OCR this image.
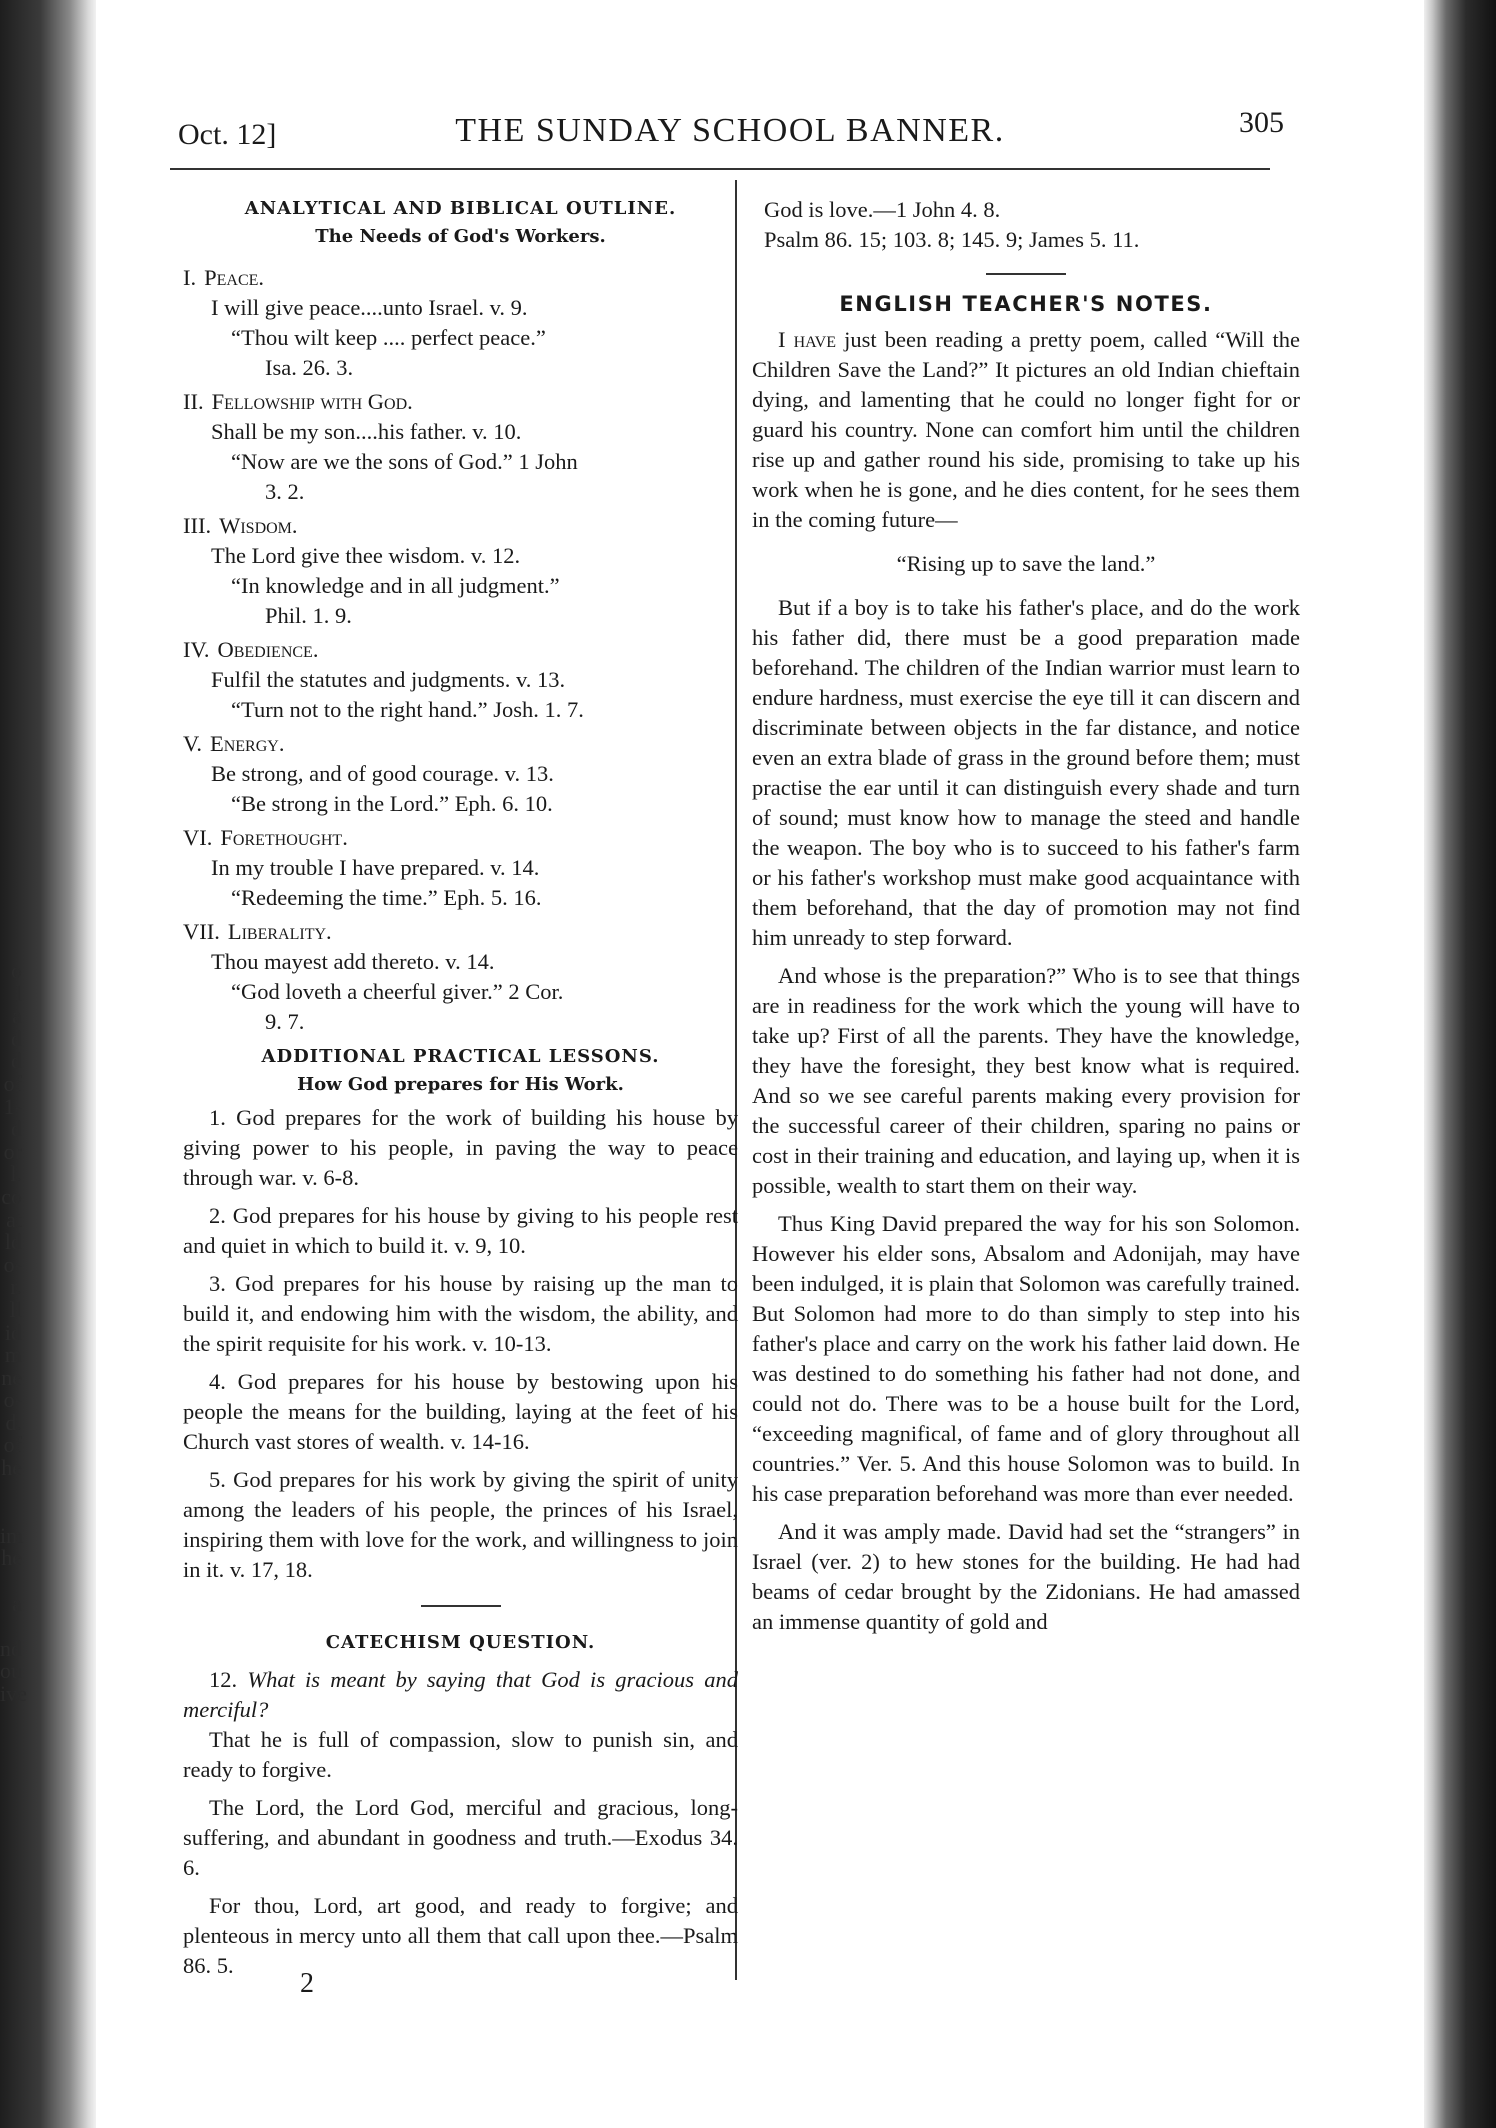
o
l
a
d
d
of
1-
d
or
l.
co
at
ld
o-
r.
ll
id
m
ne
o-
d.
of
he
im
he
a
nd
ou
ive
Oct. 12]	THE SUNDAY SCHOOL BANNER.	305
ANALYTICAL AND BIBLICAL OUTLINE.
The Needs of God's Workers.
I. Peace.
I will give peace....unto Israel. v. 9.
“Thou wilt keep .... perfect peace.”
Isa. 26. 3.
II. Fellowship with God.
Shall be my son....his father. v. 10.
“Now are we the sons of God.” 1 John
3. 2.
III. Wisdom.
The Lord give thee wisdom. v. 12.
“In knowledge and in all judgment.”
Phil. 1. 9.
IV. Obedience.
Fulfil the statutes and judgments. v. 13.
“Turn not to the right hand.” Josh. 1. 7.
V. Energy.
Be strong, and of good courage. v. 13.
“Be strong in the Lord.” Eph. 6. 10.
VI. Forethought.
In my trouble I have prepared. v. 14.
“Redeeming the time.” Eph. 5. 16.
VII. Liberality.
Thou mayest add thereto. v. 14.
“God loveth a cheerful giver.” 2 Cor.
9. 7.
ADDITIONAL PRACTICAL LESSONS.
How God prepares for His Work.
1. God prepares for the work of building his house by giving power to his people, in paving the way to peace through war. v. 6-8.
2. God prepares for his house by giving to his people rest and quiet in which to build it. v. 9, 10.
3. God prepares for his house by raising up the man to build it, and endowing him with the wisdom, the ability, and the spirit requisite for his work. v. 10-13.
4. God prepares for his house by bestowing upon his people the means for the building, laying at the feet of his Church vast stores of wealth. v. 14-16.
5. God prepares for his work by giving the spirit of unity among the leaders of his people, the princes of his Israel, inspiring them with love for the work, and willingness to join in it. v. 17, 18.
CATECHISM QUESTION.
12. What is meant by saying that God is gracious and merciful?
That he is full of compassion, slow to punish sin, and ready to forgive.
The Lord, the Lord God, merciful and gracious, long-suffering, and abundant in goodness and truth.—Exodus 34. 6.
For thou, Lord, art good, and ready to forgive; and plenteous in mercy unto all them that call upon thee.—Psalm 86. 5.
2
God is love.—1 John 4. 8.
Psalm 86. 15; 103. 8; 145. 9; James 5. 11.
ENGLISH TEACHER'S NOTES.
I have just been reading a pretty poem, called “Will the Children Save the Land?” It pictures an old Indian chieftain dying, and lamenting that he could no longer fight for or guard his country. None can comfort him until the children rise up and gather round his side, promising to take up his work when he is gone, and he dies content, for he sees them in the coming future—
“Rising up to save the land.”
But if a boy is to take his father's place, and do the work his father did, there must be a good preparation made beforehand. The children of the Indian warrior must learn to endure hardness, must exercise the eye till it can discern and discriminate between objects in the far distance, and notice even an extra blade of grass in the ground before them; must practise the ear until it can distinguish every shade and turn of sound; must know how to manage the steed and handle the weapon. The boy who is to succeed to his father's farm or his father's workshop must make good acquaintance with them beforehand, that the day of promotion may not find him unready to step forward.
And whose is the preparation?” Who is to see that things are in readiness for the work which the young will have to take up? First of all the parents. They have the knowledge, they have the foresight, they best know what is required. And so we see careful parents making every provision for the successful career of their children, sparing no pains or cost in their training and education, and laying up, when it is possible, wealth to start them on their way.
Thus King David prepared the way for his son Solomon. However his elder sons, Absalom and Adonijah, may have been indulged, it is plain that Solomon was carefully trained. But Solomon had more to do than simply to step into his father's place and carry on the work his father laid down. He was destined to do something his father had not done, and could not do. There was to be a house built for the Lord, “exceeding magnifical, of fame and of glory throughout all countries.” Ver. 5. And this house Solomon was to build. In his case preparation beforehand was more than ever needed.
And it was amply made. David had set the “strangers” in Israel (ver. 2) to hew stones for the building. He had had beams of cedar brought by the Zidonians. He had amassed an immense quantity of gold and
